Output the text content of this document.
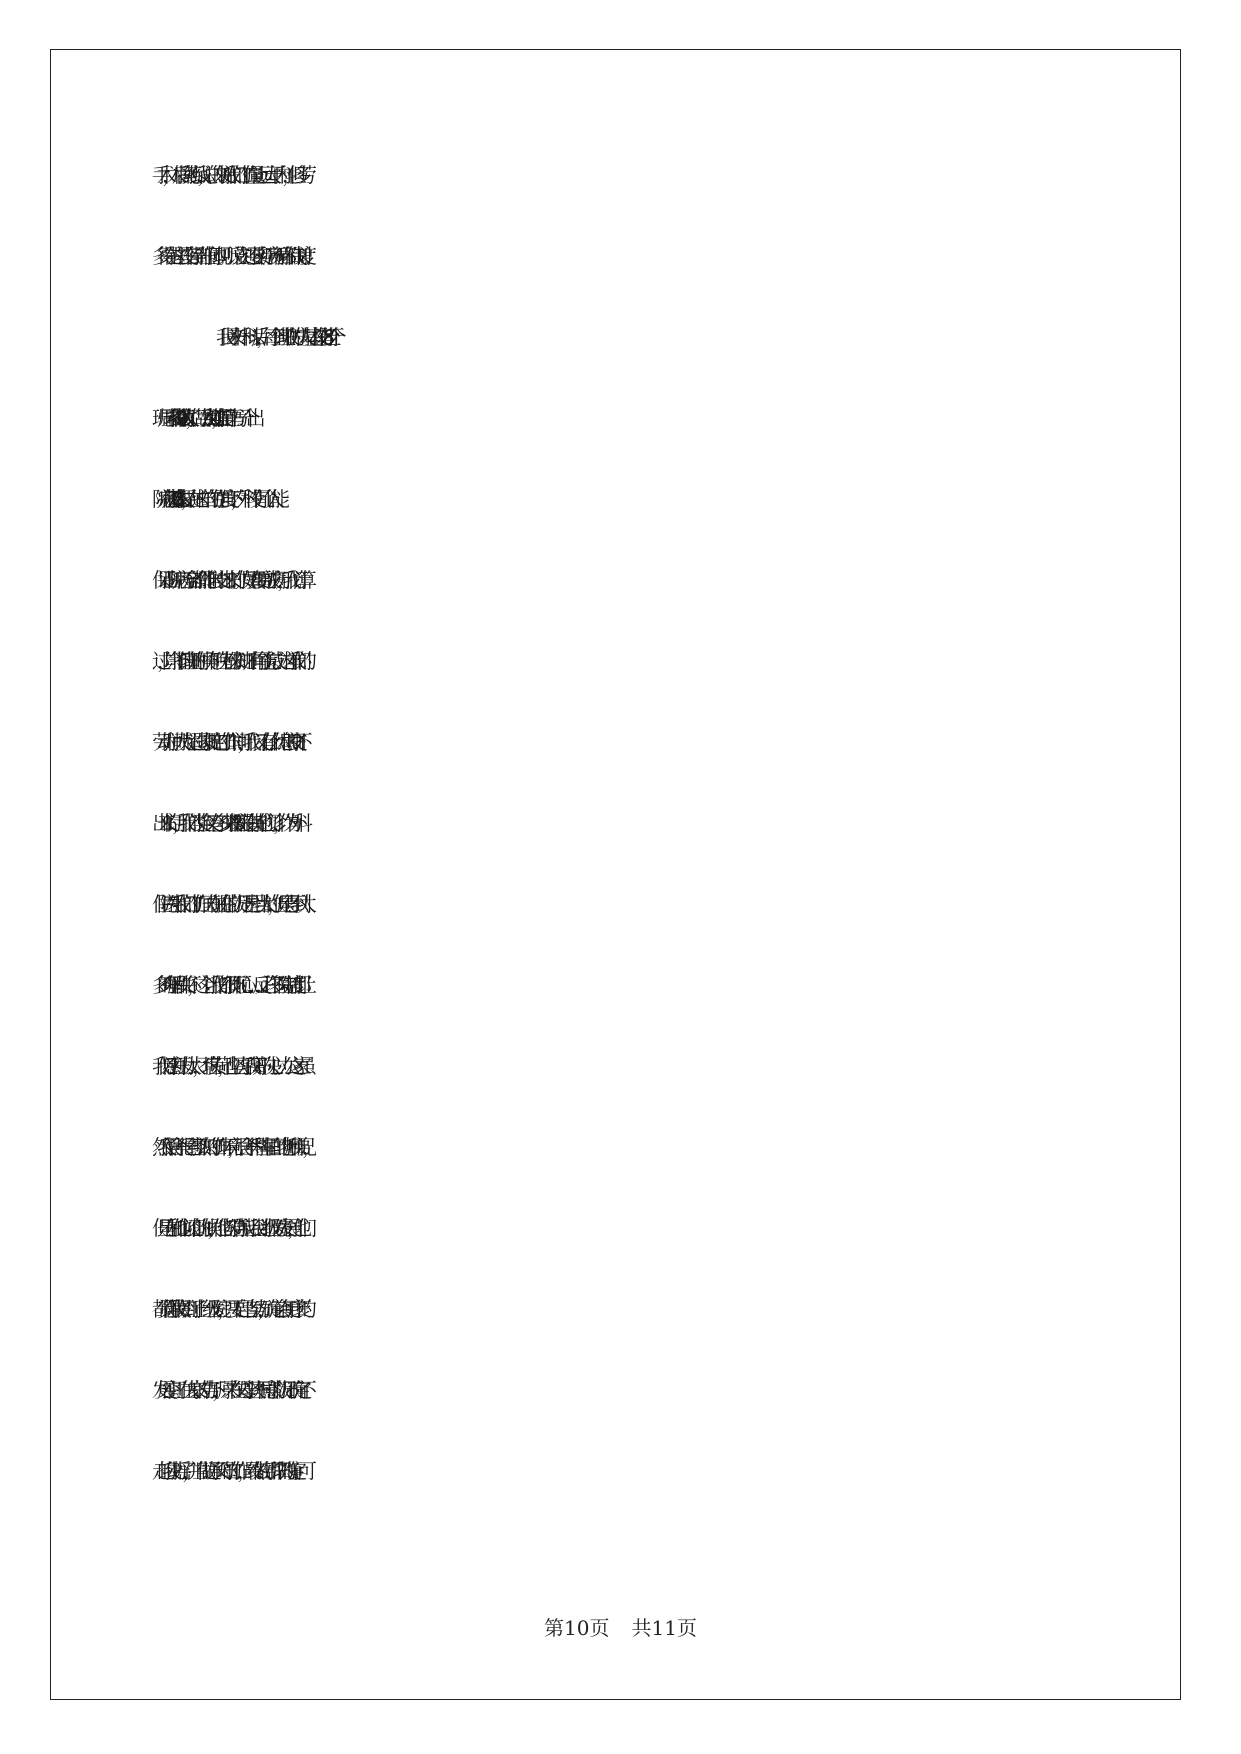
手术，术后换药拆线，总的来说我们的工作量远远大于内科，但多劳
多得在这里没有得到任何体现。听说立刻还要实行病历循环扣钱制度。
我回来外一科以后，每个值班收的病人基本没有少于 8 个。上个
班周末我都收了 10 多个病人，做手术到临晨 4 点过，而且书写一个出
院病历基本要 30 分钟左右，在这样的工作强度下，外科没有几个人能
保证出院病历全部都能准时交出来的。假如真要完成病历，我们计算
过，除非不值班的时候下午晚上都来加班才有可能完成。这样我们的
劳动时间大大超过国家规定的工作时间，我们又有什么休息时间?交不
出来的话，我们的奖金又有多少来扣?医院没有特地的门诊，作为外科
住院医生我们的工作压力在现在的状况下是相当大的，但是得不到太
多的理解和关怀，这个让我们都很不顺心……反正许多医院制度都让
我们感到压力太大，不堪负荷，也坚决了我离开的决心。办公之家虽
然我很舍不得已经熟识的工作环境，很舍不得科室里面的老师和弟兄，
但是在和他们谈心的时候，他们都劝告我让我到上级医院发展，他们
都觉得我假如到了上一级医院，只要自己肯努力，确定会有更广袤的
发展空间。在大家的劝告下，原来在父母坚决不同意的状况下确定不
走的我动摇了，并且做通了父母的工作，最终做出了辞职的确定。可
第10页 共11页
